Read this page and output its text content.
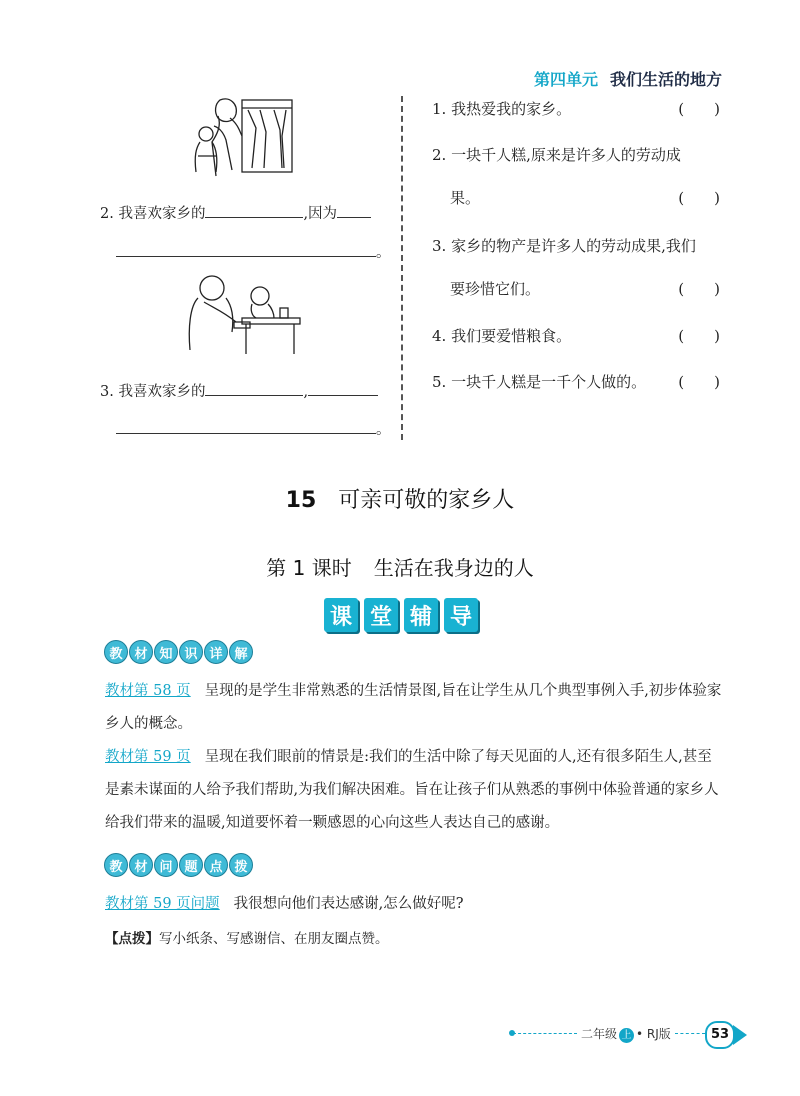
第四单元 我们生活的地方
2. 我喜欢家乡的	,因为
。
3. 我喜欢家乡的	,
。
1. 我热爱我的家乡。	(　　)
2. 一块千人糕,原来是许多人的劳动成
果。	(　　)
3. 家乡的物产是许多人的劳动成果,我们
要珍惜它们。	(　　)
4. 我们要爱惜粮食。	(　　)
5. 一块千人糕是一千个人做的。 (　　)
15 可亲可敬的家乡人
第 1 课时 生活在我身边的人
课 堂 辅 导
教 材 知 识 详 解
教材第 58 页 呈现的是学生非常熟悉的生活情景图,旨在让学生从几个典型事例入手,初步体验家乡人的概念。
教材第 59 页 呈现在我们眼前的情景是:我们的生活中除了每天见面的人,还有很多陌生人,甚至是素未谋面的人给予我们帮助,为我们解决困难。旨在让孩子们从熟悉的事例中体验普通的家乡人给我们带来的温暖,知道要怀着一颗感恩的心向这些人表达自己的感谢。
教 材 问 题 点 拨
教材第 59 页问题 我很想向他们表达感谢,怎么做好呢?
【点拨】写小纸条、写感谢信、在朋友圈点赞。
二年级 上 • RJ版	53
